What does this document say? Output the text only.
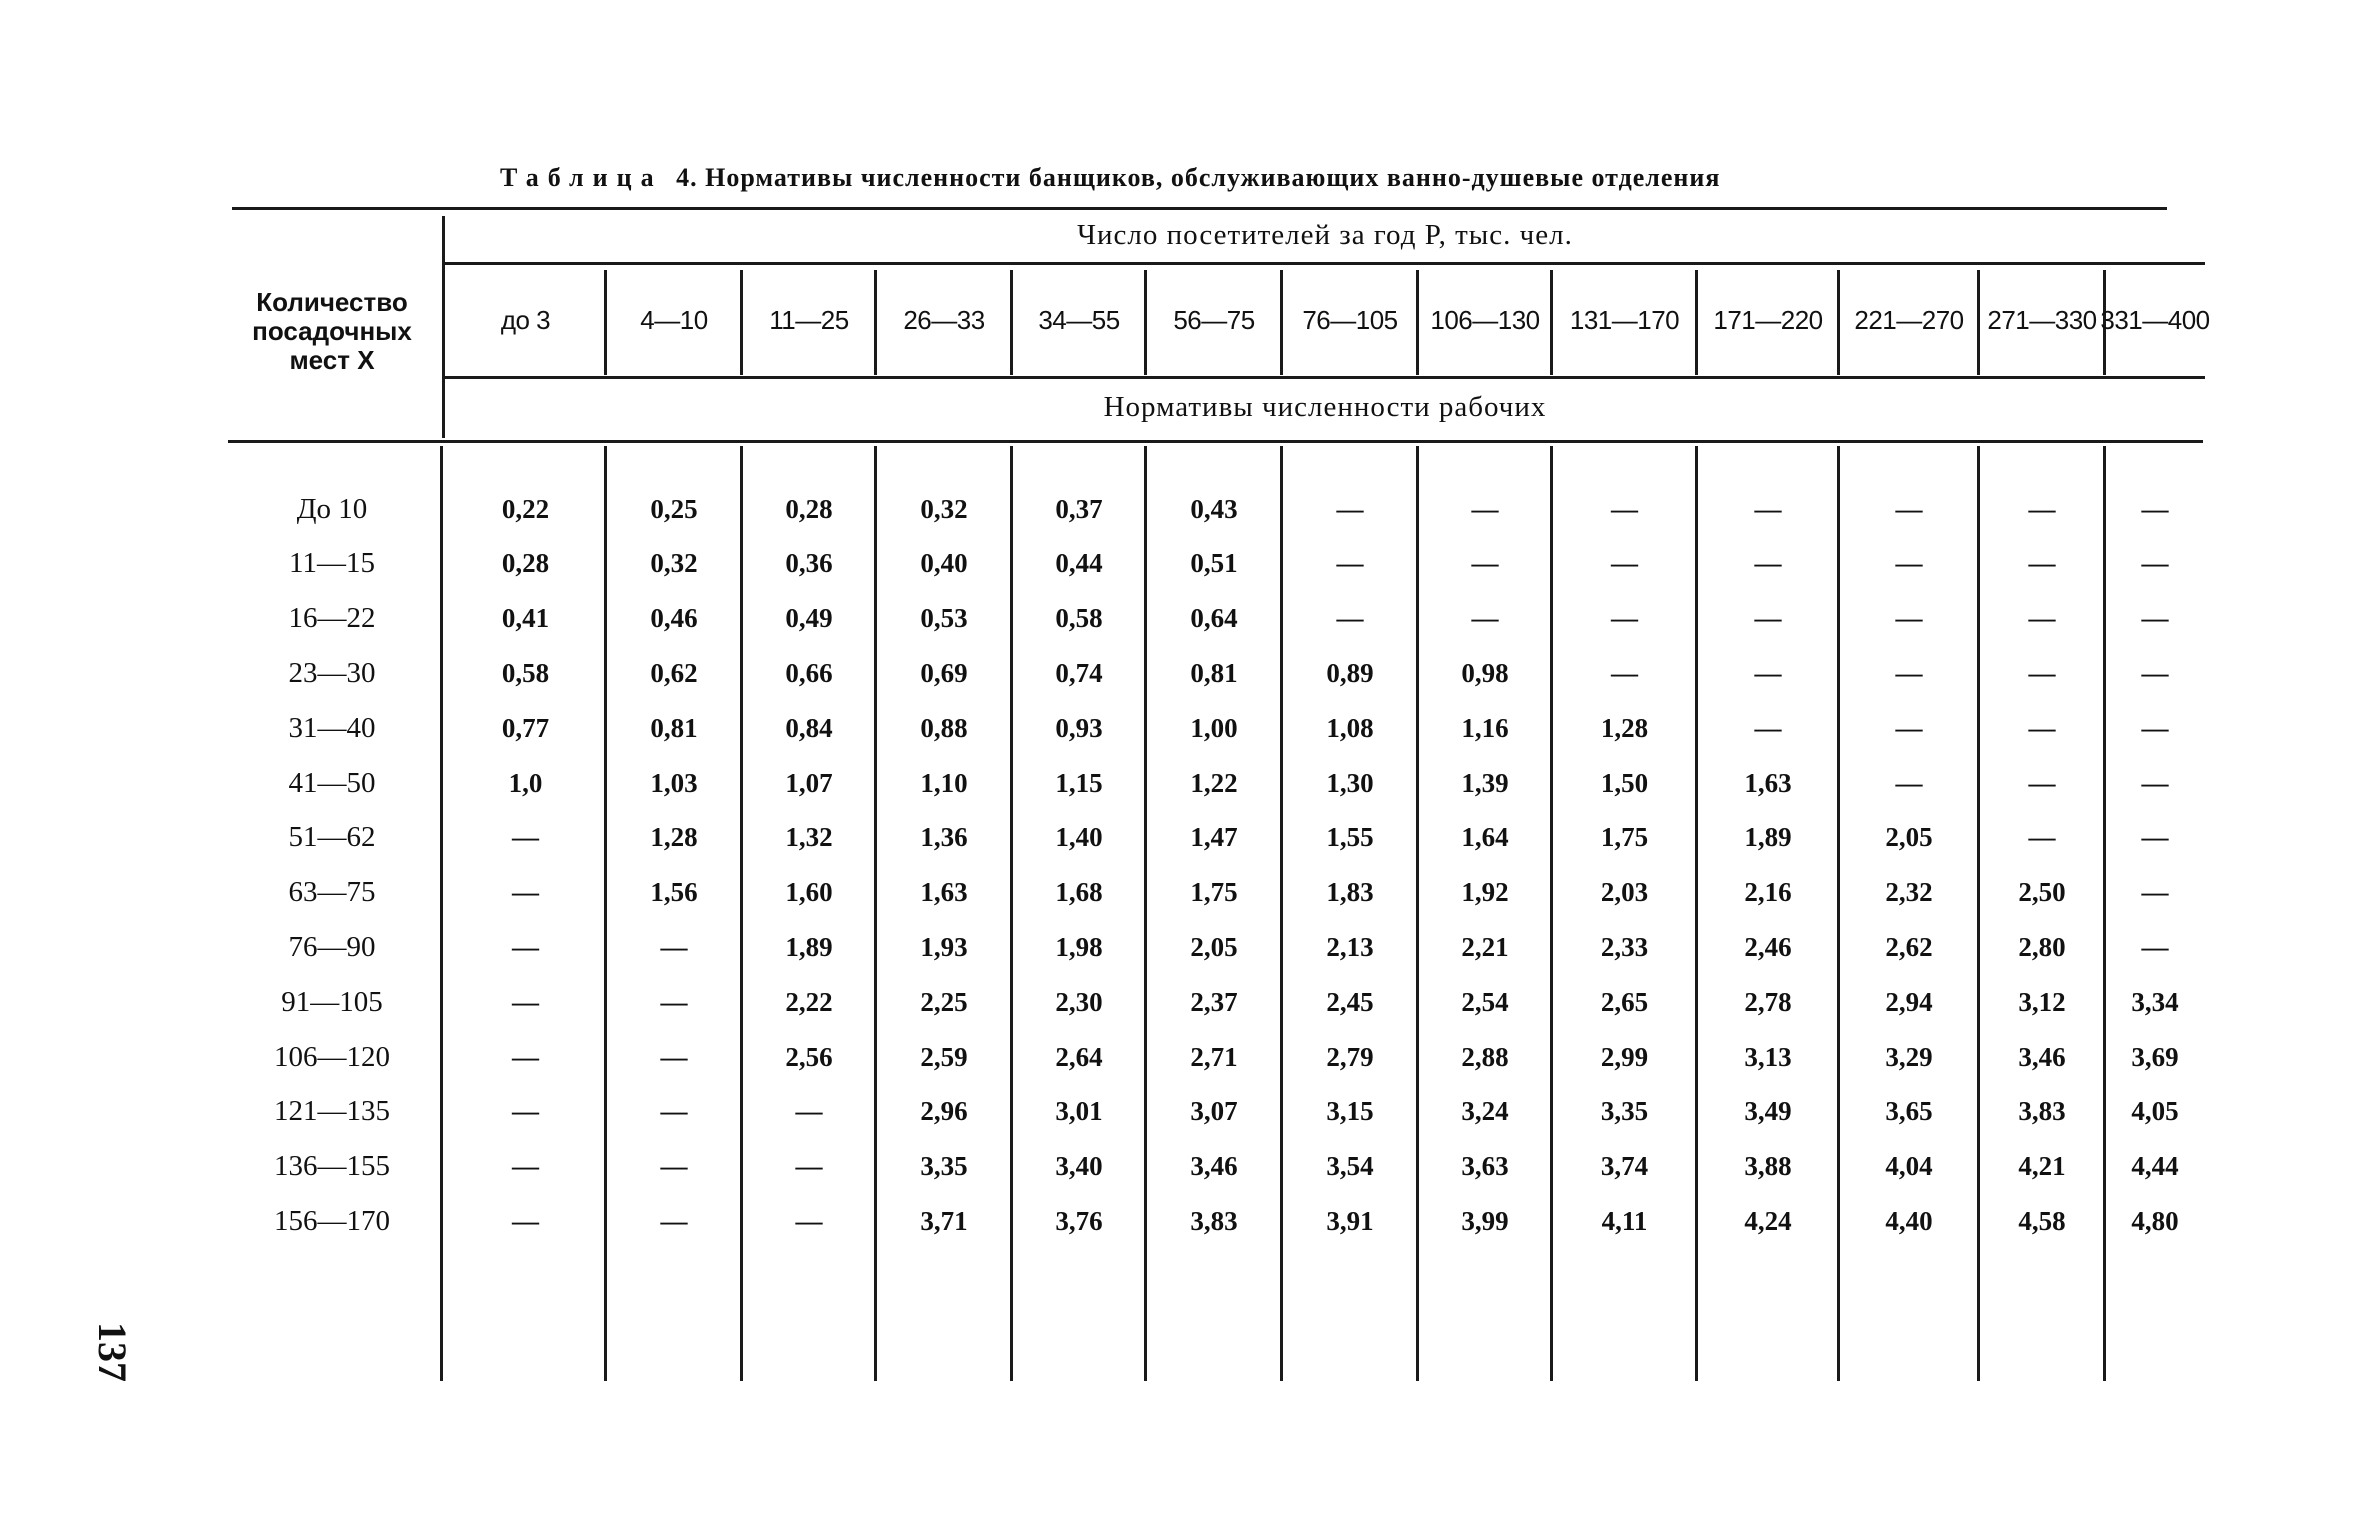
Таблица 4. Нормативы численности банщиков, обслуживающих ванно-душевые отделения
Количество
посадочных
мест X
Число посетителей за год P, тыс. чел.
Нормативы численности рабочих
до 3	4—10	11—25	26—33	34—55	56—75	76—105	106—130	131—170	171—220	221—270 271—330 331—400
До 10	0,22	0,25	0,28	0,32	0,37	0,43	—	—	—	—	—	—	—
11—15	0,28	0,32	0,36	0,40	0,44	0,51	—	—	—	—	—	—	—
16—22	0,41	0,46	0,49	0,53	0,58	0,64	—	—	—	—	—	—	—
23—30	0,58	0,62	0,66	0,69	0,74	0,81	0,89	0,98	—	—	—	—	—
31—40	0,77	0,81	0,84	0,88	0,93	1,00	1,08	1,16	1,28	—	—	—	—
41—50	1,0	1,03	1,07	1,10	1,15	1,22	1,30	1,39	1,50	1,63	—	—	—
51—62	—	1,28	1,32	1,36	1,40	1,47	1,55	1,64	1,75	1,89	2,05	—	—
63—75	—	1,56	1,60	1,63	1,68	1,75	1,83	1,92	2,03	2,16	2,32	2,50	—
76—90	—	—	1,89	1,93	1,98	2,05	2,13	2,21	2,33	2,46	2,62	2,80	—
91—105	—	—	2,22	2,25	2,30	2,37	2,45	2,54	2,65	2,78	2,94	3,12	3,34
106—120	—	—	2,56	2,59	2,64	2,71	2,79	2,88	2,99	3,13	3,29	3,46	3,69
121—135	—	—	—	2,96	3,01	3,07	3,15	3,24	3,35	3,49	3,65	3,83	4,05
136—155	—	—	—	3,35	3,40	3,46	3,54	3,63	3,74	3,88	4,04	4,21	4,44
156—170	—	—	—	3,71	3,76	3,83	3,91	3,99	4,11	4,24	4,40	4,58	4,80
137
